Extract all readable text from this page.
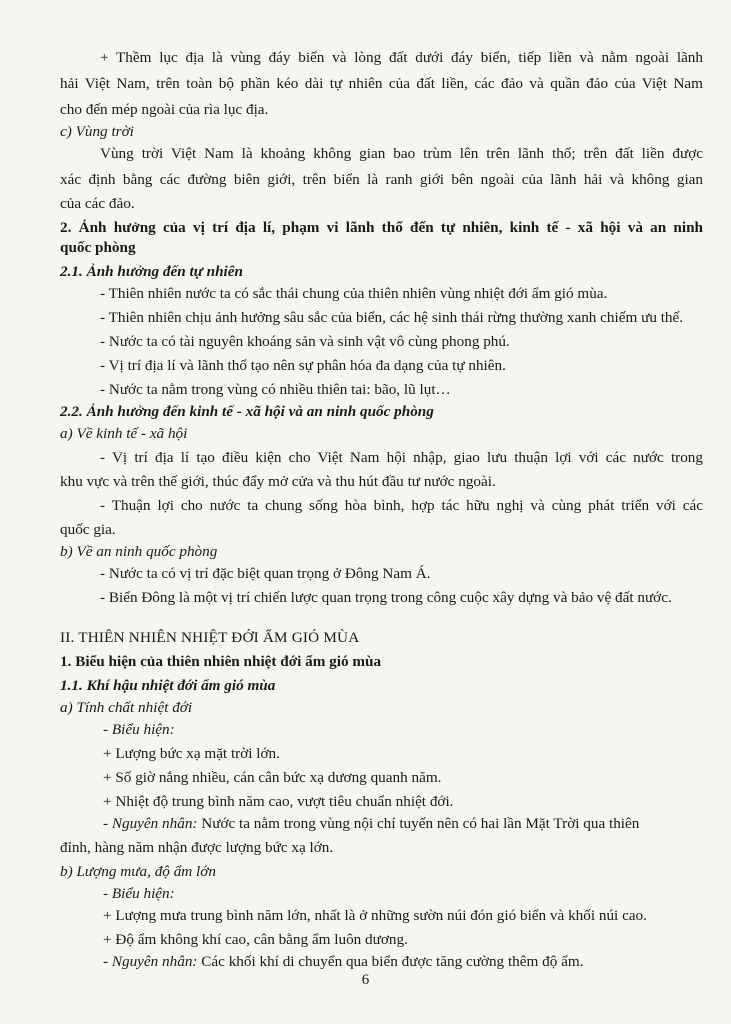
+ Thềm lục địa là vùng đáy biển và lòng đất dưới đáy biển, tiếp liền và nằm ngoài lãnh
hải Việt Nam, trên toàn bộ phần kéo dài tự nhiên của đất liền, các đảo và quần đảo của Việt Nam
cho đến mép ngoài của rìa lục địa.
c) Vùng trời
Vùng trời Việt Nam là khoảng không gian bao trùm lên trên lãnh thổ; trên đất liền được
xác định bằng các đường biên giới, trên biển là ranh giới bên ngoài của lãnh hải và không gian
của các đảo.
2. Ảnh hưởng của vị trí địa lí, phạm vi lãnh thổ đến tự nhiên, kinh tế - xã hội và an ninh
quốc phòng
2.1. Ảnh hưởng đến tự nhiên
- Thiên nhiên nước ta có sắc thái chung của thiên nhiên vùng nhiệt đới ẩm gió mùa.
- Thiên nhiên chịu ảnh hưởng sâu sắc của biển, các hệ sinh thái rừng thường xanh chiếm ưu thế.
- Nước ta có tài nguyên khoáng sản và sinh vật vô cùng phong phú.
- Vị trí địa lí và lãnh thổ tạo nên sự phân hóa đa dạng của tự nhiên.
- Nước ta nằm trong vùng có nhiều thiên tai: bão, lũ lụt…
2.2. Ảnh hưởng đến kinh tế - xã hội và an ninh quốc phòng
a) Về kinh tế - xã hội
- Vị trí địa lí tạo điều kiện cho Việt Nam hội nhập, giao lưu thuận lợi với các nước trong
khu vực và trên thế giới, thúc đẩy mở cửa và thu hút đầu tư nước ngoài.
- Thuận lợi cho nước ta chung sống hòa bình, hợp tác hữu nghị và cùng phát triển với các
quốc gia.
b) Về an ninh quốc phòng
- Nước ta có vị trí đặc biệt quan trọng ở Đông Nam Á.
- Biển Đông là một vị trí chiến lược quan trọng trong công cuộc xây dựng và bảo vệ đất nước.
II. THIÊN NHIÊN NHIỆT ĐỚI ẨM GIÓ MÙA
1. Biểu hiện của thiên nhiên nhiệt đới ẩm gió mùa
1.1. Khí hậu nhiệt đới ẩm gió mùa
a) Tính chất nhiệt đới
- Biểu hiện:
+ Lượng bức xạ mặt trời lớn.
+ Số giờ nắng nhiều, cán cân bức xạ dương quanh năm.
+ Nhiệt độ trung bình năm cao, vượt tiêu chuẩn nhiệt đới.
- Nguyên nhân: Nước ta nằm trong vùng nội chí tuyến nên có hai lần Mặt Trời qua thiên
đỉnh, hàng năm nhận được lượng bức xạ lớn.
b) Lượng mưa, độ ẩm lớn
- Biểu hiện:
+ Lượng mưa trung bình năm lớn, nhất là ở những sườn núi đón gió biển và khối núi cao.
+ Độ ẩm không khí cao, cân bằng ẩm luôn dương.
- Nguyên nhân: Các khối khí di chuyển qua biển được tăng cường thêm độ ẩm.
6
